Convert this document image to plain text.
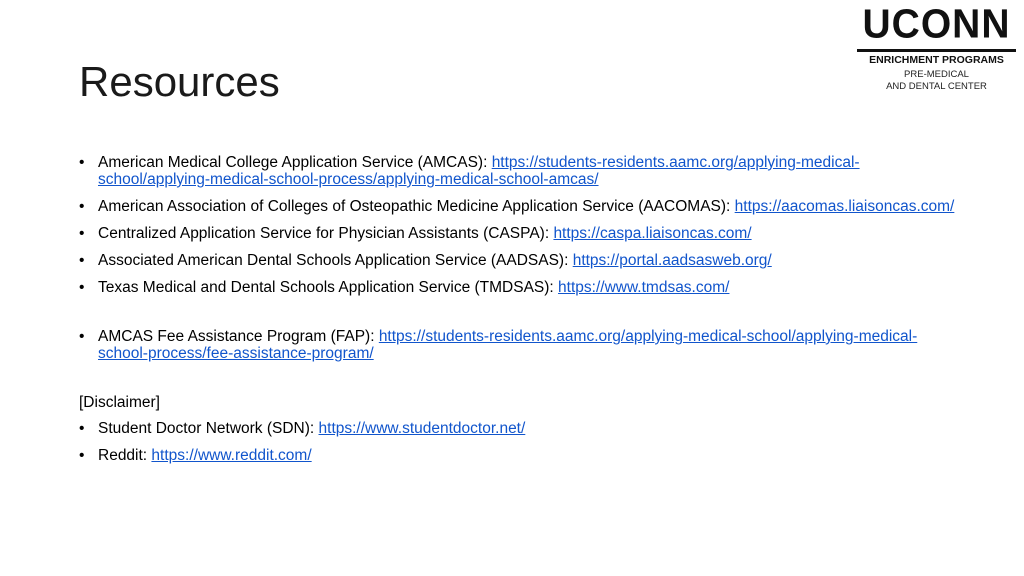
Resources
UCONN
ENRICHMENT PROGRAMS
PRE-MEDICAL
AND DENTAL CENTER
• American Medical College Application Service (AMCAS): https://students-residents.aamc.org/applying-medical-school/applying-medical-school-process/applying-medical-school-amcas/
• American Association of Colleges of Osteopathic Medicine Application Service (AACOMAS): https://aacomas.liaisoncas.com/
• Centralized Application Service for Physician Assistants (CASPA): https://caspa.liaisoncas.com/
• Associated American Dental Schools Application Service (AADSAS): https://portal.aadsasweb.org/
• Texas Medical and Dental Schools Application Service (TMDSAS): https://www.tmdsas.com/
• AMCAS Fee Assistance Program (FAP): https://students-residents.aamc.org/applying-medical-school/applying-medical-school-process/fee-assistance-program/
[Disclaimer]
• Student Doctor Network (SDN): https://www.studentdoctor.net/
• Reddit: https://www.reddit.com/
